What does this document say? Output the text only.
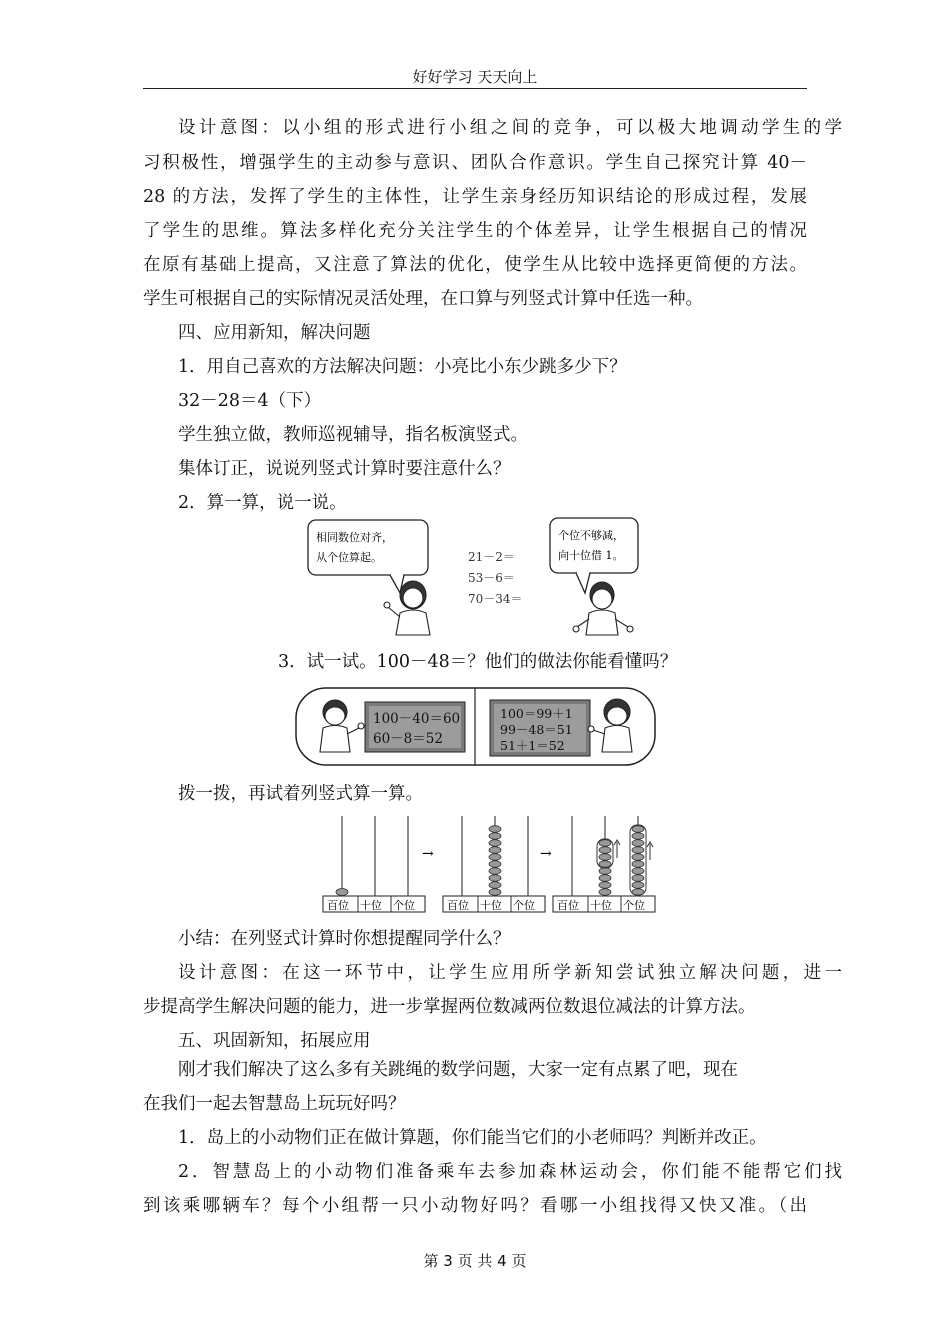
好好学习 天天向上
设计意图：以小组的形式进行小组之间的竞争，可以极大地调动学生的学
习积极性，增强学生的主动参与意识、团队合作意识。学生自己探究计算 40－
28 的方法，发挥了学生的主体性，让学生亲身经历知识结论的形成过程，发展
了学生的思维。算法多样化充分关注学生的个体差异，让学生根据自己的情况
在原有基础上提高，又注意了算法的优化，使学生从比较中选择更简便的方法。
学生可根据自己的实际情况灵活处理，在口算与列竖式计算中任选一种。
四、应用新知，解决问题
1．用自己喜欢的方法解决问题：小亮比小东少跳多少下？
32－28＝4（下）
学生独立做，教师巡视辅导，指名板演竖式。
集体订正，说说列竖式计算时要注意什么？
2．算一算，说一说。
相同数位对齐，
从个位算起。	21－2＝
53－6＝
70－34＝
个位不够减，
向十位借 1。
3．试一试。100－48＝？他们的做法你能看懂吗？
100－40＝60
60－8＝52
100＝99＋1
99－48＝51
51＋1＝52
拨一拨，再试着列竖式算一算。
百位 十位 个位
→
百位 十位 个位
→
百位 十位 个位
小结：在列竖式计算时你想提醒同学什么？
设计意图：在这一环节中，让学生应用所学新知尝试独立解决问题，进一
步提高学生解决问题的能力，进一步掌握两位数减两位数退位减法的计算方法。
五、巩固新知，拓展应用
刚才我们解决了这么多有关跳绳的数学问题，大家一定有点累了吧，现在
在我们一起去智慧岛上玩玩好吗？
1．岛上的小动物们正在做计算题，你们能当它们的小老师吗？判断并改正。
2．智慧岛上的小动物们准备乘车去参加森林运动会，你们能不能帮它们找
到该乘哪辆车？每个小组帮一只小动物好吗？看哪一小组找得又快又准。（出
第 3 页 共 4 页
